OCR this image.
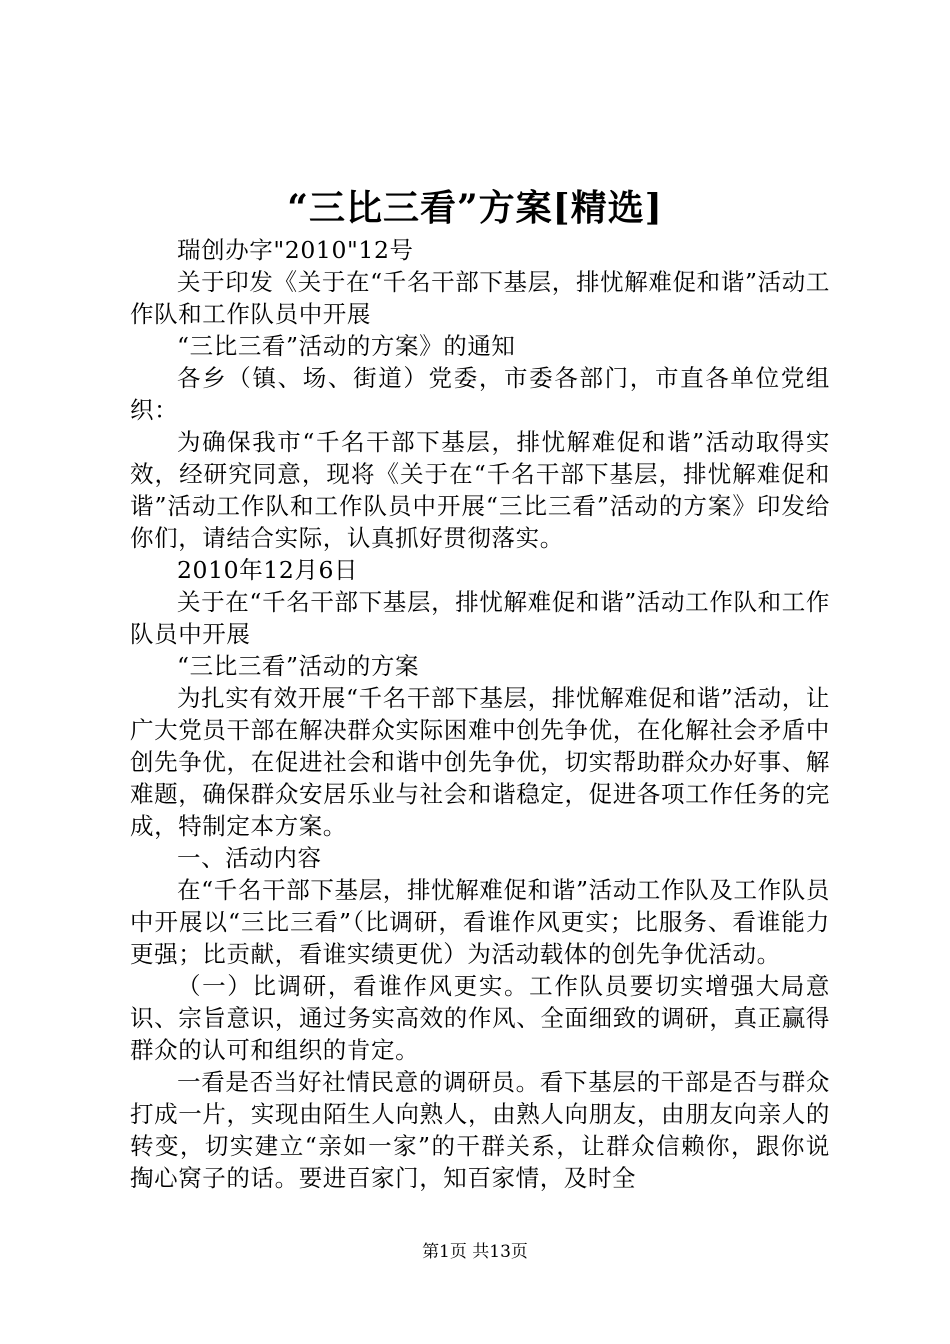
“三比三看”方案[精选]

瑞创办字"2010"12号

关于印发《关于在“千名干部下基层，排忧解难促和谐”活动工作队和工作队员中开展

“三比三看”活动的方案》的通知

各乡（镇、场、街道）党委，市委各部门，市直各单位党组织：

为确保我市“千名干部下基层，排忧解难促和谐”活动取得实效，经研究同意，现将《关于在“千名干部下基层，排忧解难促和谐”活动工作队和工作队员中开展“三比三看”活动的方案》印发给你们，请结合实际，认真抓好贯彻落实。

2010年12月6日

关于在“千名干部下基层，排忧解难促和谐”活动工作队和工作队员中开展

“三比三看”活动的方案

为扎实有效开展“千名干部下基层，排忧解难促和谐”活动，让广大党员干部在解决群众实际困难中创先争优，在化解社会矛盾中创先争优，在促进社会和谐中创先争优，切实帮助群众办好事、解难题，确保群众安居乐业与社会和谐稳定，促进各项工作任务的完成，特制定本方案。

一、活动内容

在“千名干部下基层，排忧解难促和谐”活动工作队及工作队员中开展以“三比三看”（比调研，看谁作风更实；比服务、看谁能力更强；比贡献，看谁实绩更优）为活动载体的创先争优活动。

（一）比调研，看谁作风更实。工作队员要切实增强大局意识、宗旨意识，通过务实高效的作风、全面细致的调研，真正赢得群众的认可和组织的肯定。

一看是否当好社情民意的调研员。看下基层的干部是否与群众打成一片，实现由陌生人向熟人，由熟人向朋友，由朋友向亲人的转变，切实建立“亲如一家”的干群关系，让群众信赖你，跟你说掏心窝子的话。要进百家门，知百家情，及时全

第1页 共13页
